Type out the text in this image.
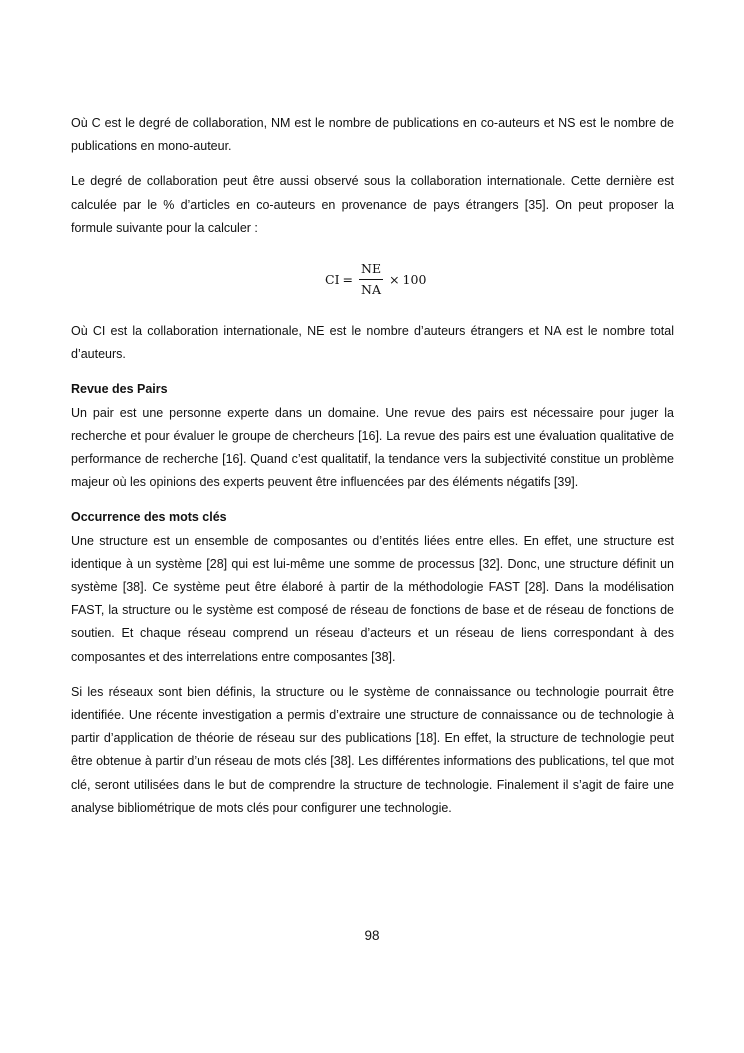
Où C est le degré de collaboration, NM est le nombre de publications en co-auteurs et NS est le nombre de publications en mono-auteur.

Le degré de collaboration peut être aussi observé sous la collaboration internationale. Cette dernière est calculée par le % d’articles en co-auteurs en provenance de pays étrangers [35]. On peut proposer la formule suivante pour la calculer :

CI = $\frac{NE}{NA} \times 100$

Où CI est la collaboration internationale, NE est le nombre d’auteurs étrangers et NA est le nombre total d’auteurs.

Revue des Pairs

Un pair est une personne experte dans un domaine. Une revue des pairs est nécessaire pour juger la recherche et pour évaluer le groupe de chercheurs [16]. La revue des pairs est une évaluation qualitative de performance de recherche [16]. Quand c’est qualitatif, la tendance vers la subjectivité constitue un problème majeur où les opinions des experts peuvent être influencées par des éléments négatifs [39].

Occurrence des mots clés

Une structure est un ensemble de composantes ou d’entités liées entre elles. En effet, une structure est identique à un système [28] qui est lui-même une somme de processus [32]. Donc, une structure définit un système [38]. Ce système peut être élaboré à partir de la méthodologie FAST [28]. Dans la modélisation FAST, la structure ou le système est composé de réseau de fonctions de base et de réseau de fonctions de soutien. Et chaque réseau comprend un réseau d’acteurs et un réseau de liens correspondant à des composantes et des interrelations entre composantes [38].

Si les réseaux sont bien définis, la structure ou le système de connaissance ou technologie pourrait être identifiée. Une récente investigation a permis d’extraire une structure de connaissance ou de technologie à partir d’application de théorie de réseau sur des publications [18]. En effet, la structure de technologie peut être obtenue à partir d’un réseau de mots clés [38]. Les différentes informations des publications, tel que mot clé, seront utilisées dans le but de comprendre la structure de technologie. Finalement il s’agit de faire une analyse bibliométrique de mots clés pour configurer une technologie.

98
